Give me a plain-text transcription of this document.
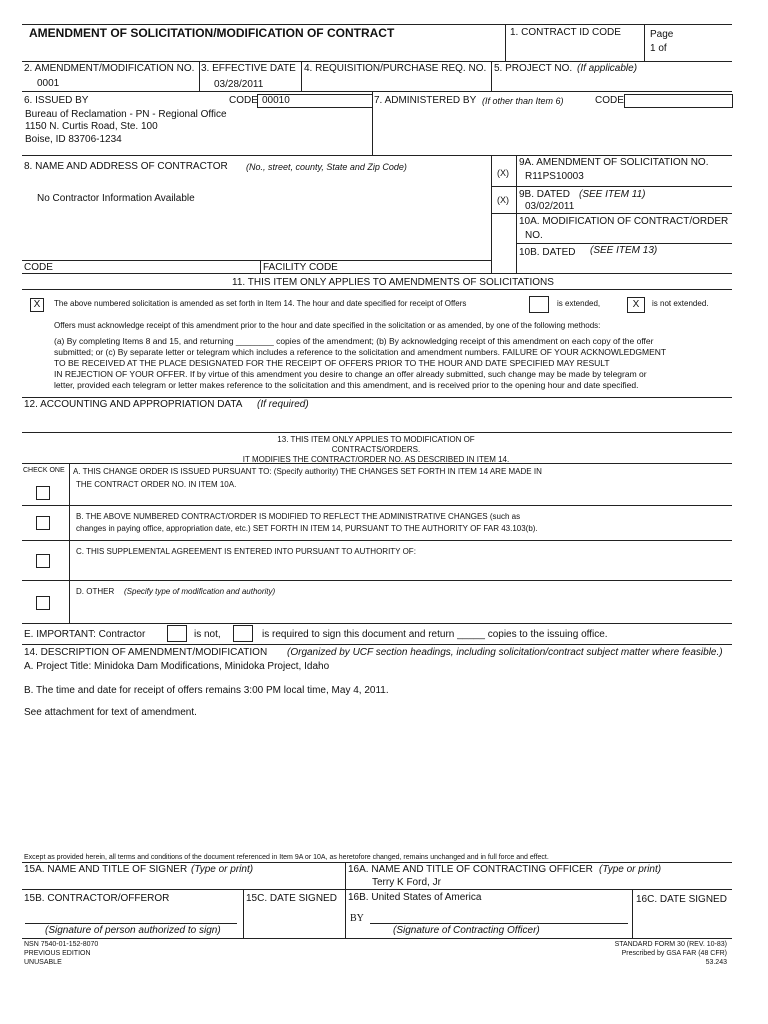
AMENDMENT OF SOLICITATION/MODIFICATION OF CONTRACT	1. CONTRACT ID CODE	Page
1 of
2. AMENDMENT/MODIFICATION NO.
0001
3. EFFECTIVE DATE
03/28/2011
4. REQUISITION/PURCHASE REQ. NO. 5. PROJECT NO. (If applicable)
6. ISSUED BY	CODE 00010
Bureau of Reclamation - PN - Regional Office
1150 N. Curtis Road, Ste. 100
Boise, ID 83706-1234
7. ADMINISTERED BY (If other than Item 6)	CODE
8. NAME AND ADDRESS OF CONTRACTOR (No., street, county, State and Zip Code)
No Contractor Information Available
CODE	FACILITY CODE
(X)
(X)
9A. AMENDMENT OF SOLICITATION NO.
R11PS10003
9B. DATED (SEE ITEM 11)
03/02/2011
10A. MODIFICATION OF CONTRACT/ORDER
NO.
10B. DATED (SEE ITEM 13)
11. THIS ITEM ONLY APPLIES TO AMENDMENTS OF SOLICITATIONS
X	The above numbered solicitation is amended as set forth in Item 14. The hour and date specified for receipt of Offers	is extended,	X	is not extended.
Offers must acknowledge receipt of this amendment prior to the hour and date specified in the solicitation or as amended, by one of the following methods:
(a) By completing Items 8 and 15, and returning ________ copies of the amendment; (b) By acknowledging receipt of this amendment on each copy of the offer
submitted; or (c) By separate letter or telegram which includes a reference to the solicitation and amendment numbers. FAILURE OF YOUR ACKNOWLEDGMENT
TO BE RECEIVED AT THE PLACE DESIGNATED FOR THE RECEIPT OF OFFERS PRIOR TO THE HOUR AND DATE SPECIFIED MAY RESULT
IN REJECTION OF YOUR OFFER. If by virtue of this amendment you desire to change an offer already submitted, such change may be made by telegram or
letter, provided each telegram or letter makes reference to the solicitation and this amendment, and is received prior to the opening hour and date specified.
12. ACCOUNTING AND APPROPRIATION DATA (If required)
13. THIS ITEM ONLY APPLIES TO MODIFICATION OF
CONTRACTS/ORDERS.
IT MODIFIES THE CONTRACT/ORDER NO. AS DESCRIBED IN ITEM 14.
CHECK ONE A. THIS CHANGE ORDER IS ISSUED PURSUANT TO: (Specify authority) THE CHANGES SET FORTH IN ITEM 14 ARE MADE IN
THE CONTRACT ORDER NO. IN ITEM 10A.
B. THE ABOVE NUMBERED CONTRACT/ORDER IS MODIFIED TO REFLECT THE ADMINISTRATIVE CHANGES (such as
changes in paying office, appropriation date, etc.) SET FORTH IN ITEM 14, PURSUANT TO THE AUTHORITY OF FAR 43.103(b).
C. THIS SUPPLEMENTAL AGREEMENT IS ENTERED INTO PURSUANT TO AUTHORITY OF:
D. OTHER (Specify type of modification and authority)
E. IMPORTANT: Contractor	is not,	is required to sign this document and return _____ copies to the issuing office.
14. DESCRIPTION OF AMENDMENT/MODIFICATION (Organized by UCF section headings, including solicitation/contract subject matter where feasible.)
A. Project Title: Minidoka Dam Modifications, Minidoka Project, Idaho
B. The time and date for receipt of offers remains 3:00 PM local time, May 4, 2011.
See attachment for text of amendment.
Except as provided herein, all terms and conditions of the document referenced in Item 9A or 10A, as heretofore changed, remains unchanged and in full force and effect.
15A. NAME AND TITLE OF SIGNER (Type or print)	16A. NAME AND TITLE OF CONTRACTING OFFICER (Type or print)
Terry K Ford, Jr
15B. CONTRACTOR/OFFEROR	15C. DATE SIGNED 16B. United States of America	16C. DATE SIGNED
BY
(Signature of person authorized to sign)	(Signature of Contracting Officer)
NSN 7540-01-152-8070
PREVIOUS EDITION
UNUSABLE
STANDARD FORM 30 (REV. 10-83)
Prescribed by GSA FAR (48 CFR)
53.243
